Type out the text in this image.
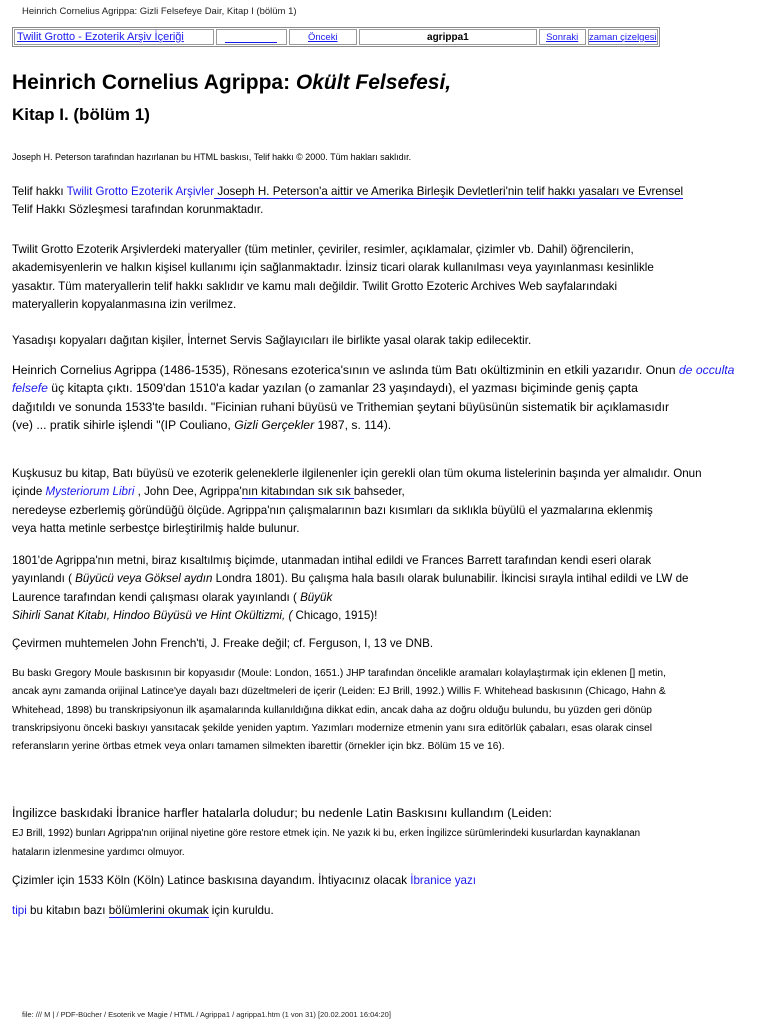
Heinrich Cornelius Agrippa: Gizli Felsefeye Dair, Kitap I (bölüm 1)
Twilit Grotto - Ezoterik Arşiv İçeriği	Önceki	agrippa1	Sonraki zaman çizelgesi
Heinrich Cornelius Agrippa: Okült Felsefesi,
Kitap I. (bölüm 1)
Joseph H. Peterson tarafından hazırlanan bu HTML baskısı, Telif hakkı © 2000. Tüm hakları saklıdır.

Telif hakkı Twilit Grotto Ezoterik Arşivler Joseph H. Peterson'a aittir ve Amerika Birleşik Devletleri'nin telif hakkı yasaları ve Evrensel
Telif Hakkı Sözleşmesi tarafından korunmaktadır.

Twilit Grotto Ezoterik Arşivlerdeki materyaller (tüm metinler, çeviriler, resimler, açıklamalar, çizimler vb. Dahil) öğrencilerin,
akademisyenlerin ve halkın kişisel kullanımı için sağlanmaktadır. İzinsiz ticari olarak kullanılması veya yayınlanması kesinlikle
yasaktır. Tüm materyallerin telif hakkı saklıdır ve kamu malı değildir. Twilit Grotto Ezoteric Archives Web sayfalarındaki
materyallerin kopyalanmasına izin verilmez.

Yasadışı kopyaları dağıtan kişiler, İnternet Servis Sağlayıcıları ile birlikte yasal olarak takip edilecektir.

Heinrich Cornelius Agrippa (1486-1535), Rönesans ezoterica'sının ve aslında tüm Batı okültizminin en etkili yazarıdır. Onun de occulta felsefe üç kitapta çıktı. 1509'dan 1510'a kadar yazılan (o zamanlar 23 yaşındaydı), el yazması biçiminde geniş çapta
dağıtıldı ve sonunda 1533'te basıldı. "Ficinian ruhani büyüsü ve Trithemian şeytani büyüsünün sistematik bir açıklamasıdır
(ve) ... pratik sihirle işlendi "(IP Couliano, Gizli Gerçekler 1987, s. 114).

Kuşkusuz bu kitap, Batı büyüsü ve ezoterik geleneklerle ilgilenenler için gerekli olan tüm okuma listelerinin başında yer almalıdır. Onun
içinde Mysteriorum Libri , John Dee, Agrippa'nın kitabından sık sık bahseder,
neredeyse ezberlemiş göründüğü ölçüde. Agrippa'nın çalışmalarının bazı kısımları da sıklıkla büyülü el yazmalarına eklenmiş
veya hatta metinle serbestçe birleştirilmiş halde bulunur.

1801'de Agrippa'nın metni, biraz kısaltılmış biçimde, utanmadan intihal edildi ve Frances Barrett tarafından kendi eseri olarak
yayınlandı ( Büyücü veya Göksel aydın Londra 1801). Bu çalışma hala basılı olarak bulunabilir. İkincisi sırayla intihal edildi ve LW de
Laurence tarafından kendi çalışması olarak yayınlandı ( Büyük
Sihirli Sanat Kitabı, Hindoo Büyüsü ve Hint Okültizmi, ( Chicago, 1915)!

Çevirmen muhtemelen John French'ti, J. Freake değil; cf. Ferguson, I, 13 ve DNB.

Bu baskı Gregory Moule baskısının bir kopyasıdır (Moule: London, 1651.) JHP tarafından öncelikle aramaları kolaylaştırmak için eklenen [] metin,
ancak aynı zamanda orijinal Latince'ye dayalı bazı düzeltmeleri de içerir (Leiden: EJ Brill, 1992.) Willis F. Whitehead baskısının (Chicago, Hahn &
Whitehead, 1898) bu transkripsiyonun ilk aşamalarında kullanıldığına dikkat edin, ancak daha az doğru olduğu bulundu, bu yüzden geri dönüp
transkripsiyonu önceki baskıyı yansıtacak şekilde yeniden yaptım. Yazımları modernize etmenin yanı sıra editörlük çabaları, esas olarak cinsel
referansların yerine örtbas etmek veya onları tamamen silmekten ibarettir (örnekler için bkz. Bölüm 15 ve 16).

İngilizce baskıdaki İbranice harfler hatalarla doludur; bu nedenle Latin Baskısını kullandım (Leiden:

EJ Brill, 1992) bunları Agrippa'nın orijinal niyetine göre restore etmek için. Ne yazık ki bu, erken İngilizce sürümlerindeki kusurlardan kaynaklanan
hataların izlenmesine yardımcı olmuyor.

Çizimler için 1533 Köln (Köln) Latince baskısına dayandım. İhtiyacınız olacak İbranice yazı

tipi bu kitabın bazı bölümlerini okumak için kuruldu.

file: /// M | / PDF-Bücher / Esoterik ve Magie / HTML / Agrippa1 / agrippa1.htm (1 von 31) [20.02.2001 16:04:20]
